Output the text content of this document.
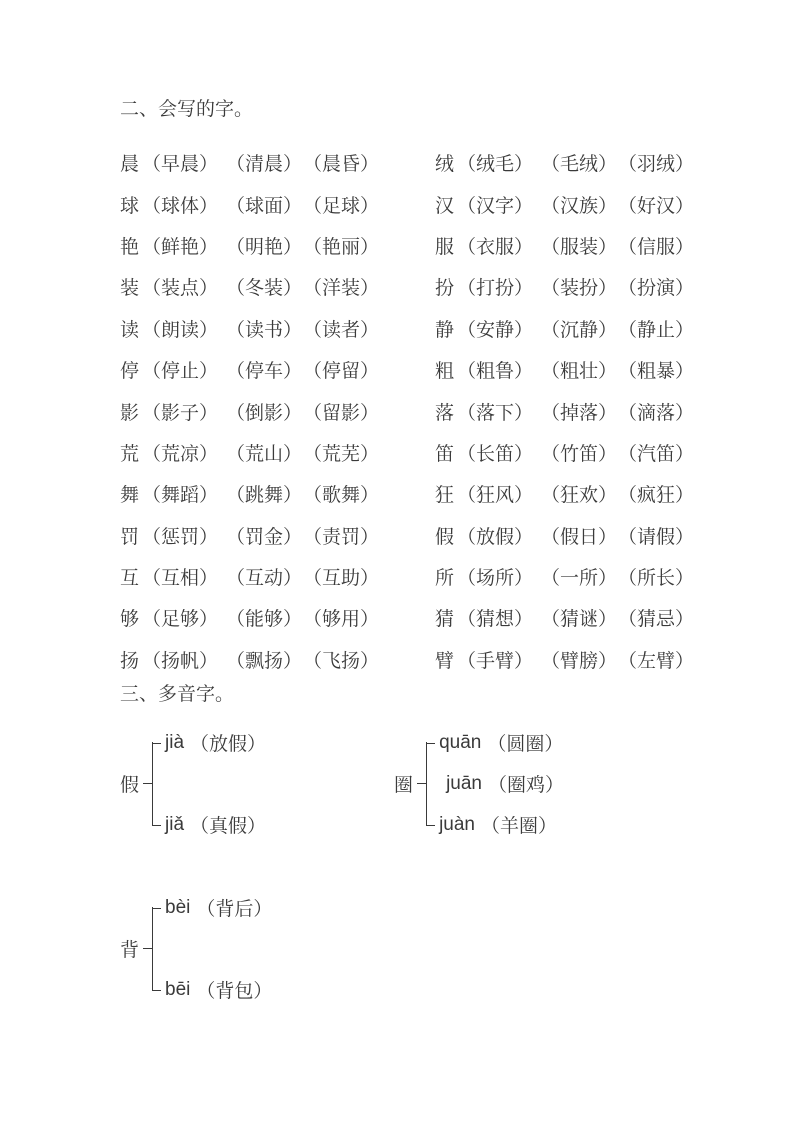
二、会写的字。

晨 （早晨） （清晨） （晨昏）
球 （球体） （球面） （足球）
艳 （鲜艳） （明艳） （艳丽）
装 （装点） （冬装） （洋装）
读 （朗读） （读书） （读者）
停 （停止） （停车） （停留）
影 （影子） （倒影） （留影）
荒 （荒凉） （荒山） （荒芜）
舞 （舞蹈） （跳舞） （歌舞）
罚 （惩罚） （罚金） （责罚）
互 （互相） （互动） （互助）
够 （足够） （能够） （够用）
扬 （扬帆） （飘扬） （飞扬）
绒 （绒毛） （毛绒） （羽绒）
汉 （汉字） （汉族） （好汉）
服 （衣服） （服装） （信服）
扮 （打扮） （装扮） （扮演）
静 （安静） （沉静） （静止）
粗 （粗鲁） （粗壮） （粗暴）
落 （落下） （掉落） （滴落）
笛 （长笛） （竹笛） （汽笛）
狂 （狂风） （狂欢） （疯狂）
假 （放假） （假日） （请假）
所 （场所） （一所） （所长）
猜 （猜想） （猜谜） （猜忌）
臂 （手臂） （臂膀） （左臂）

三、多音字。

假
jià （放假）
jiǎ （真假）
圈
quān （圆圈）
juān （圈鸡）
juàn （羊圈）
背
bèi （背后）
bēi （背包）
